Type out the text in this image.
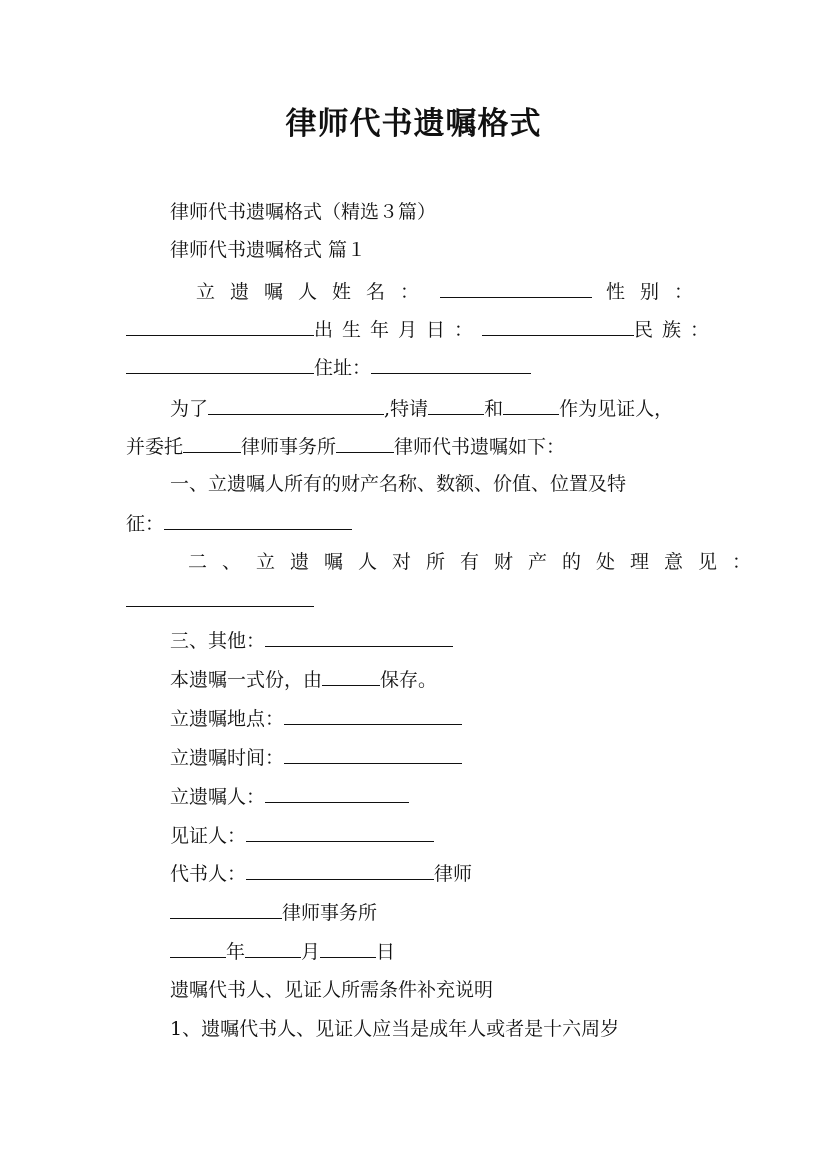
律师代书遗嘱格式
律师代书遗嘱格式（精选３篇）
律师代书遗嘱格式 篇１
立遗嘱人姓名：	性别：
出生年月日：	民族：
住址：
为了	,特请	和	作为见证人，
并委托	律师事务所	律师代书遗嘱如下：
一、立遗嘱人所有的财产名称、数额、价值、位置及特
征：
二、立遗嘱人对所有财产的处理意见：
三、其他：
本遗嘱一式份，由	保存。
立遗嘱地点：
立遗嘱时间：
立遗嘱人：
见证人：
代书人：	律师
律师事务所
年	月	日
遗嘱代书人、见证人所需条件补充说明
1、遗嘱代书人、见证人应当是成年人或者是十六周岁
